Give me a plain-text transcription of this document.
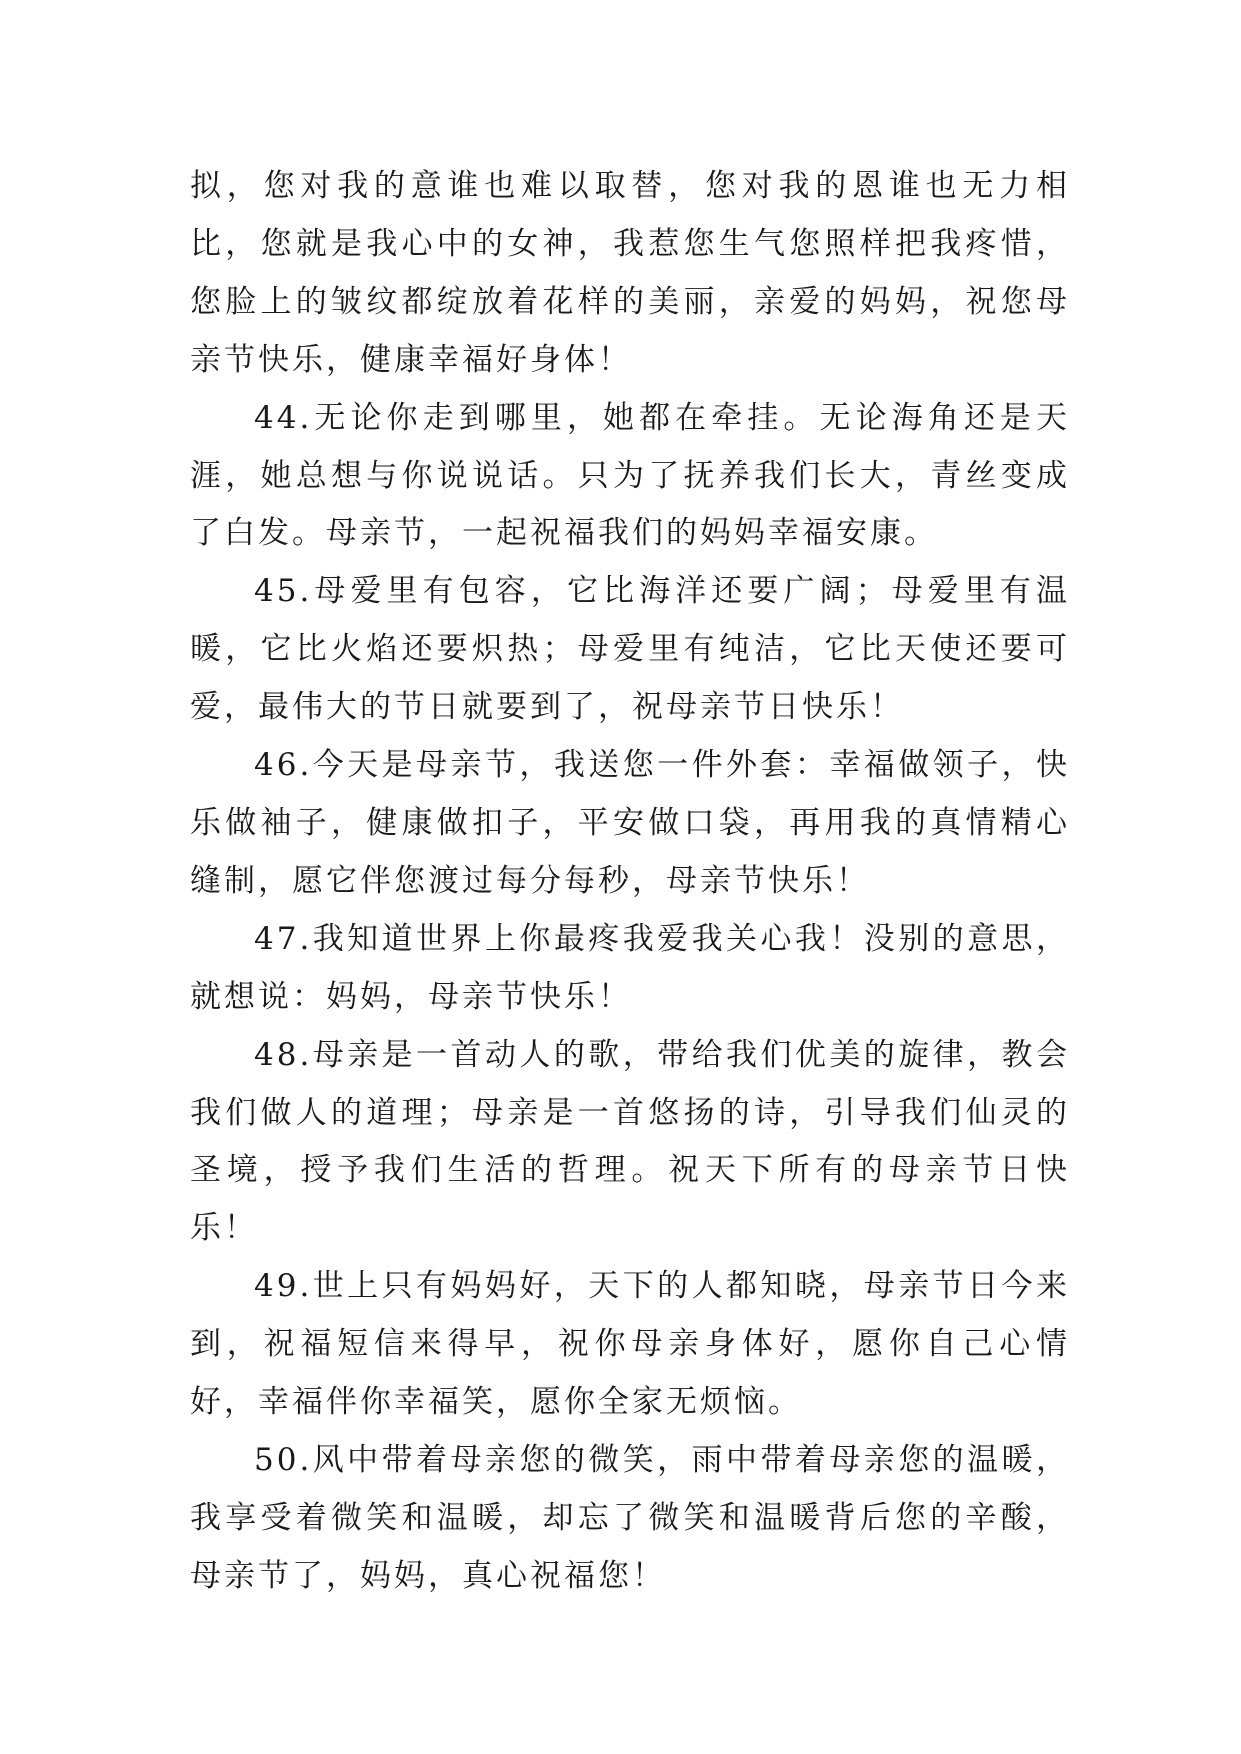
拟，您对我的意谁也难以取替，您对我的恩谁也无力相比，您就是我心中的女神，我惹您生气您照样把我疼惜，您脸上的皱纹都绽放着花样的美丽，亲爱的妈妈，祝您母亲节快乐，健康幸福好身体！

44.无论你走到哪里，她都在牵挂。无论海角还是天涯，她总想与你说说话。只为了抚养我们长大，青丝变成了白发。母亲节，一起祝福我们的妈妈幸福安康。

45.母爱里有包容，它比海洋还要广阔；母爱里有温暖，它比火焰还要炽热；母爱里有纯洁，它比天使还要可爱，最伟大的节日就要到了，祝母亲节日快乐！

46.今天是母亲节，我送您一件外套：幸福做领子，快乐做袖子，健康做扣子，平安做口袋，再用我的真情精心缝制，愿它伴您渡过每分每秒，母亲节快乐！

47.我知道世界上你最疼我爱我关心我！没别的意思，就想说：妈妈，母亲节快乐！

48.母亲是一首动人的歌，带给我们优美的旋律，教会我们做人的道理；母亲是一首悠扬的诗，引导我们仙灵的圣境，授予我们生活的哲理。祝天下所有的母亲节日快乐！

49.世上只有妈妈好，天下的人都知晓，母亲节日今来到，祝福短信来得早，祝你母亲身体好，愿你自己心情好，幸福伴你幸福笑，愿你全家无烦恼。

50.风中带着母亲您的微笑，雨中带着母亲您的温暖，我享受着微笑和温暖，却忘了微笑和温暖背后您的辛酸，母亲节了，妈妈，真心祝福您！
